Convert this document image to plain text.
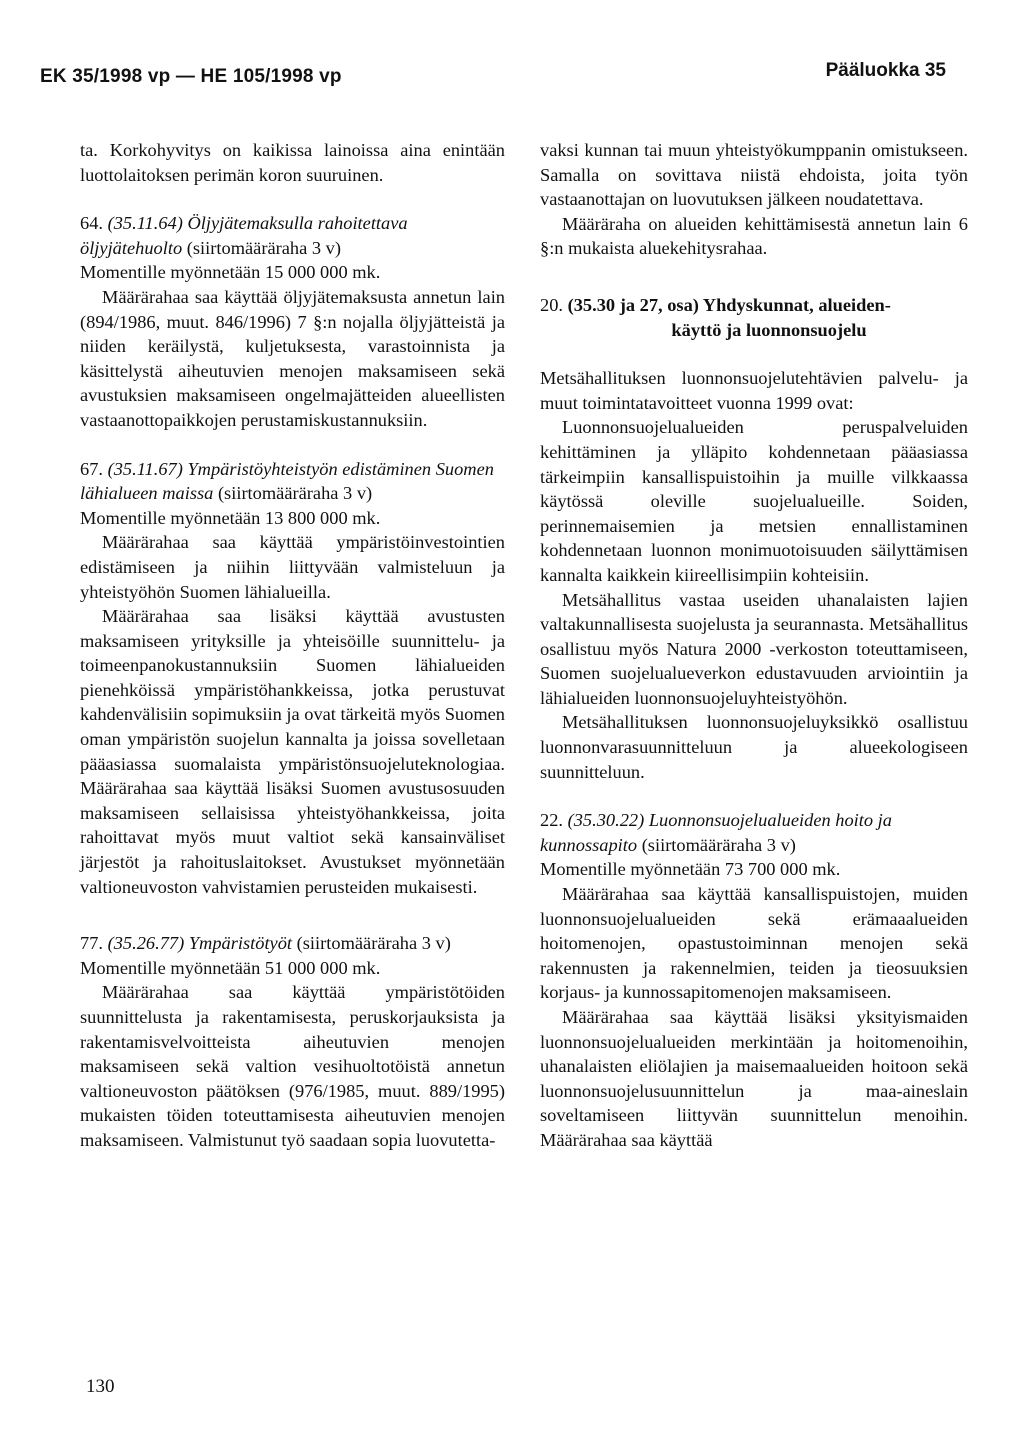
EK 35/1998 vp — HE 105/1998 vp	Pääluokka 35

ta. Korkohyvitys on kaikissa lainoissa aina enintään luottolaitoksen perimän koron suuruinen.

64. (35.11.64) Öljyjätemaksulla rahoitettava öljyjätehuolto (siirtomääräraha 3 v)

Momentille myönnetään 15 000 000 mk.

Määrärahaa saa käyttää öljyjätemaksusta annetun lain (894/1986, muut. 846/1996) 7 §:n nojalla öljyjätteistä ja niiden keräilystä, kuljetuksesta, varastoinnista ja käsittelystä aiheutuvien menojen maksamiseen sekä avustuksien maksamiseen ongelmajätteiden alueellisten vastaanottopaikkojen perustamiskustannuksiin.

67. (35.11.67) Ympäristöyhteistyön edistäminen Suomen lähialueen maissa (siirtomääräraha 3 v)

Momentille myönnetään 13 800 000 mk.

Määrärahaa saa käyttää ympäristöinvestointien edistämiseen ja niihin liittyvään valmisteluun ja yhteistyöhön Suomen lähialueilla.

Määrärahaa saa lisäksi käyttää avustusten maksamiseen yrityksille ja yhteisöille suunnittelu- ja toimeenpanokustannuksiin Suomen lähialueiden pienehköissä ympäristöhankkeissa, jotka perustuvat kahdenvälisiin sopimuksiin ja ovat tärkeitä myös Suomen oman ympäristön suojelun kannalta ja joissa sovelletaan pääasiassa suomalaista ympäristönsuojeluteknologiaa. Määrärahaa saa käyttää lisäksi Suomen avustusosuuden maksamiseen sellaisissa yhteistyöhankkeissa, joita rahoittavat myös muut valtiot sekä kansainväliset järjestöt ja rahoituslaitokset. Avustukset myönnetään valtioneuvoston vahvistamien perusteiden mukaisesti.

77. (35.26.77) Ympäristötyöt (siirtomääräraha 3 v)

Momentille myönnetään 51 000 000 mk.

Määrärahaa saa käyttää ympäristötöiden suunnittelusta ja rakentamisesta, peruskorjauksista ja rakentamisvelvoitteista aiheutuvien menojen maksamiseen sekä valtion vesihuoltotöistä annetun valtioneuvoston päätöksen (976/1985, muut. 889/1995) mukaisten töiden toteuttamisesta aiheutuvien menojen maksamiseen. Valmistunut työ saadaan sopia luovutetta-

vaksi kunnan tai muun yhteistyökumppanin omistukseen. Samalla on sovittava niistä ehdoista, joita työn vastaanottajan on luovutuksen jälkeen noudatettava.

Määräraha on alueiden kehittämisestä annetun lain 6 §:n mukaista aluekehitysrahaa.

20. (35.30 ja 27, osa) Yhdyskunnat, alueiden-
käyttö ja luonnonsuojelu

Metsähallituksen luonnonsuojelutehtävien palvelu- ja muut toimintatavoitteet vuonna 1999 ovat:

Luonnonsuojelualueiden peruspalveluiden kehittäminen ja ylläpito kohdennetaan pääasiassa tärkeimpiin kansallispuistoihin ja muille vilkkaassa käytössä oleville suojelualueille. Soiden, perinnemaisemien ja metsien ennallistaminen kohdennetaan luonnon monimuotoisuuden säilyttämisen kannalta kaikkein kiireellisimpiin kohteisiin.

Metsähallitus vastaa useiden uhanalaisten lajien valtakunnallisesta suojelusta ja seurannasta. Metsähallitus osallistuu myös Natura 2000 -verkoston toteuttamiseen, Suomen suojelualueverkon edustavuuden arviointiin ja lähialueiden luonnonsuojeluyhteistyöhön.

Metsähallituksen luonnonsuojeluyksikkö osallistuu luonnonvarasuunnitteluun ja alueekologiseen suunnitteluun.

22. (35.30.22) Luonnonsuojelualueiden hoito ja kunnossapito (siirtomääräraha 3 v)

Momentille myönnetään 73 700 000 mk.

Määrärahaa saa käyttää kansallispuistojen, muiden luonnonsuojelualueiden sekä erämaaalueiden hoitomenojen, opastustoiminnan menojen sekä rakennusten ja rakennelmien, teiden ja tieosuuksien korjaus- ja kunnossapitomenojen maksamiseen.

Määrärahaa saa käyttää lisäksi yksityismaiden luonnonsuojelualueiden merkintään ja hoitomenoihin, uhanalaisten eliölajien ja maisemaalueiden hoitoon sekä luonnonsuojelusuunnittelun ja maa-aineslain soveltamiseen liittyvän suunnittelun menoihin. Määrärahaa saa käyttää

130
